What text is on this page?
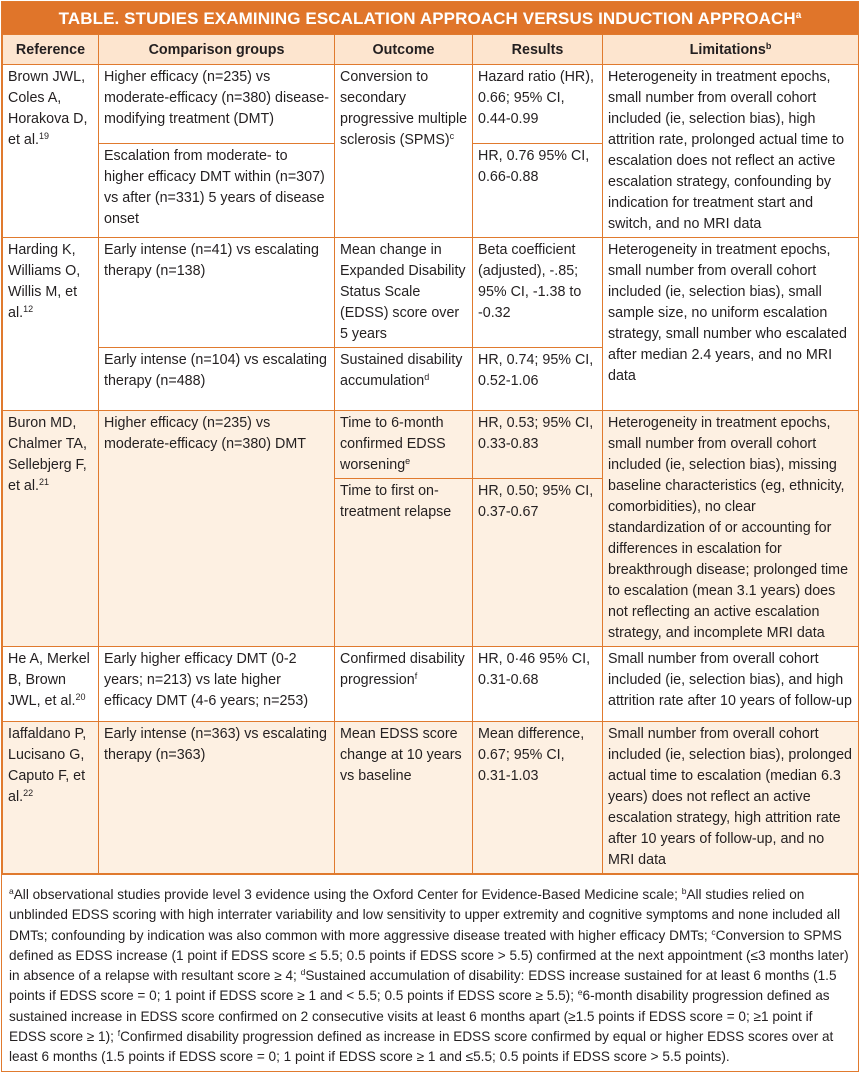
TABLE. STUDIES EXAMINING ESCALATION APPROACH VERSUS INDUCTION APPROACH$^a$
Reference	Comparison groups	Outcome	Results	Limitations$^b$
Brown JWL, Coles A, Horakova D, et al.$^{19}$	Higher efficacy (n=235) vs moderate-efficacy (n=380) disease-modifying treatment (DMT)	Conversion to secondary progressive multiple sclerosis (SPMS)$^c$	Hazard ratio (HR), 0.66; 95% CI, 0.44-0.99	Heterogeneity in treatment epochs, small number from overall cohort included (ie, selection bias), high attrition rate, prolonged actual time to escalation does not reflect an active escalation strategy, confounding by indication for treatment start and switch, and no MRI data
	Escalation from moderate- to higher efficacy DMT within (n=307) vs after (n=331) 5 years of disease onset		HR, 0.76 95% CI, 0.66-0.88	
Harding K, Williams O, Willis M, et al.$^{12}$	Early intense (n=41) vs escalating therapy (n=138)	Mean change in Expanded Disability Status Scale (EDSS) score over 5 years	Beta coefficient (adjusted), -.85; 95% CI, -1.38 to -0.32	Heterogeneity in treatment epochs, small number from overall cohort included (ie, selection bias), small sample size, no uniform escalation strategy, small number who escalated after median 2.4 years, and no MRI data
	Early intense (n=104) vs escalating therapy (n=488)	Sustained disability accumulation$^d$	HR, 0.74; 95% CI, 0.52-1.06	
Buron MD, Chalmer TA, Sellebjerg F, et al.$^{21}$	Higher efficacy (n=235) vs moderate-efficacy (n=380) DMT	Time to 6-month confirmed EDSS worsening$^e$	HR, 0.53; 95% CI, 0.33-0.83	Heterogeneity in treatment epochs, small number from overall cohort included (ie, selection bias), missing baseline characteristics (eg, ethnicity, comorbidities), no clear standardization of or accounting for differences in escalation for breakthrough disease; prolonged time to escalation (mean 3.1 years) does not reflecting an active escalation strategy, and incomplete MRI data
		Time to first on-treatment relapse	HR, 0.50; 95% CI, 0.37-0.67	
He A, Merkel B, Brown JWL, et al.$^{20}$	Early higher efficacy DMT (0-2 years; n=213) vs late higher efficacy DMT (4-6 years; n=253)	Confirmed disability progression$^f$	HR, 0·46 95% CI, 0.31-0.68	Small number from overall cohort included (ie, selection bias), and high attrition rate after 10 years of follow-up
Iaffaldano P, Lucisano G, Caputo F, et al.$^{22}$	Early intense (n=363) vs escalating therapy (n=363)	Mean EDSS score change at 10 years vs baseline	Mean difference, 0.67; 95% CI, 0.31-1.03	Small number from overall cohort included (ie, selection bias), prolonged actual time to escalation (median 6.3 years) does not reflect an active escalation strategy, high attrition rate after 10 years of follow-up, and no MRI data
$^a$All observational studies provide level 3 evidence using the Oxford Center for Evidence-Based Medicine scale; $^b$All studies relied on unblinded EDSS scoring with high interrater variability and low sensitivity to upper extremity and cognitive symptoms and none included all DMTs; confounding by indication was also common with more aggressive disease treated with higher efficacy DMTs; $^c$Conversion to SPMS defined as EDSS increase (1 point if EDSS score ≤ 5.5; 0.5 points if EDSS score > 5.5) confirmed at the next appointment (≤3 months later) in absence of a relapse with resultant score ≥ 4; $^d$Sustained accumulation of disability: EDSS increase sustained for at least 6 months (1.5 points if EDSS score = 0; 1 point if EDSS score ≥ 1 and < 5.5; 0.5 points if EDSS score ≥ 5.5); $^e$6-month disability progression defined as sustained increase in EDSS score confirmed on 2 consecutive visits at least 6 months apart (≥1.5 points if EDSS score = 0; ≥1 point if EDSS score ≥ 1); $^f$Confirmed disability progression defined as increase in EDSS score confirmed by equal or higher EDSS scores over at least 6 months (1.5 points if EDSS score = 0; 1 point if EDSS score ≥ 1 and ≤5.5; 0.5 points if EDSS score > 5.5 points).
